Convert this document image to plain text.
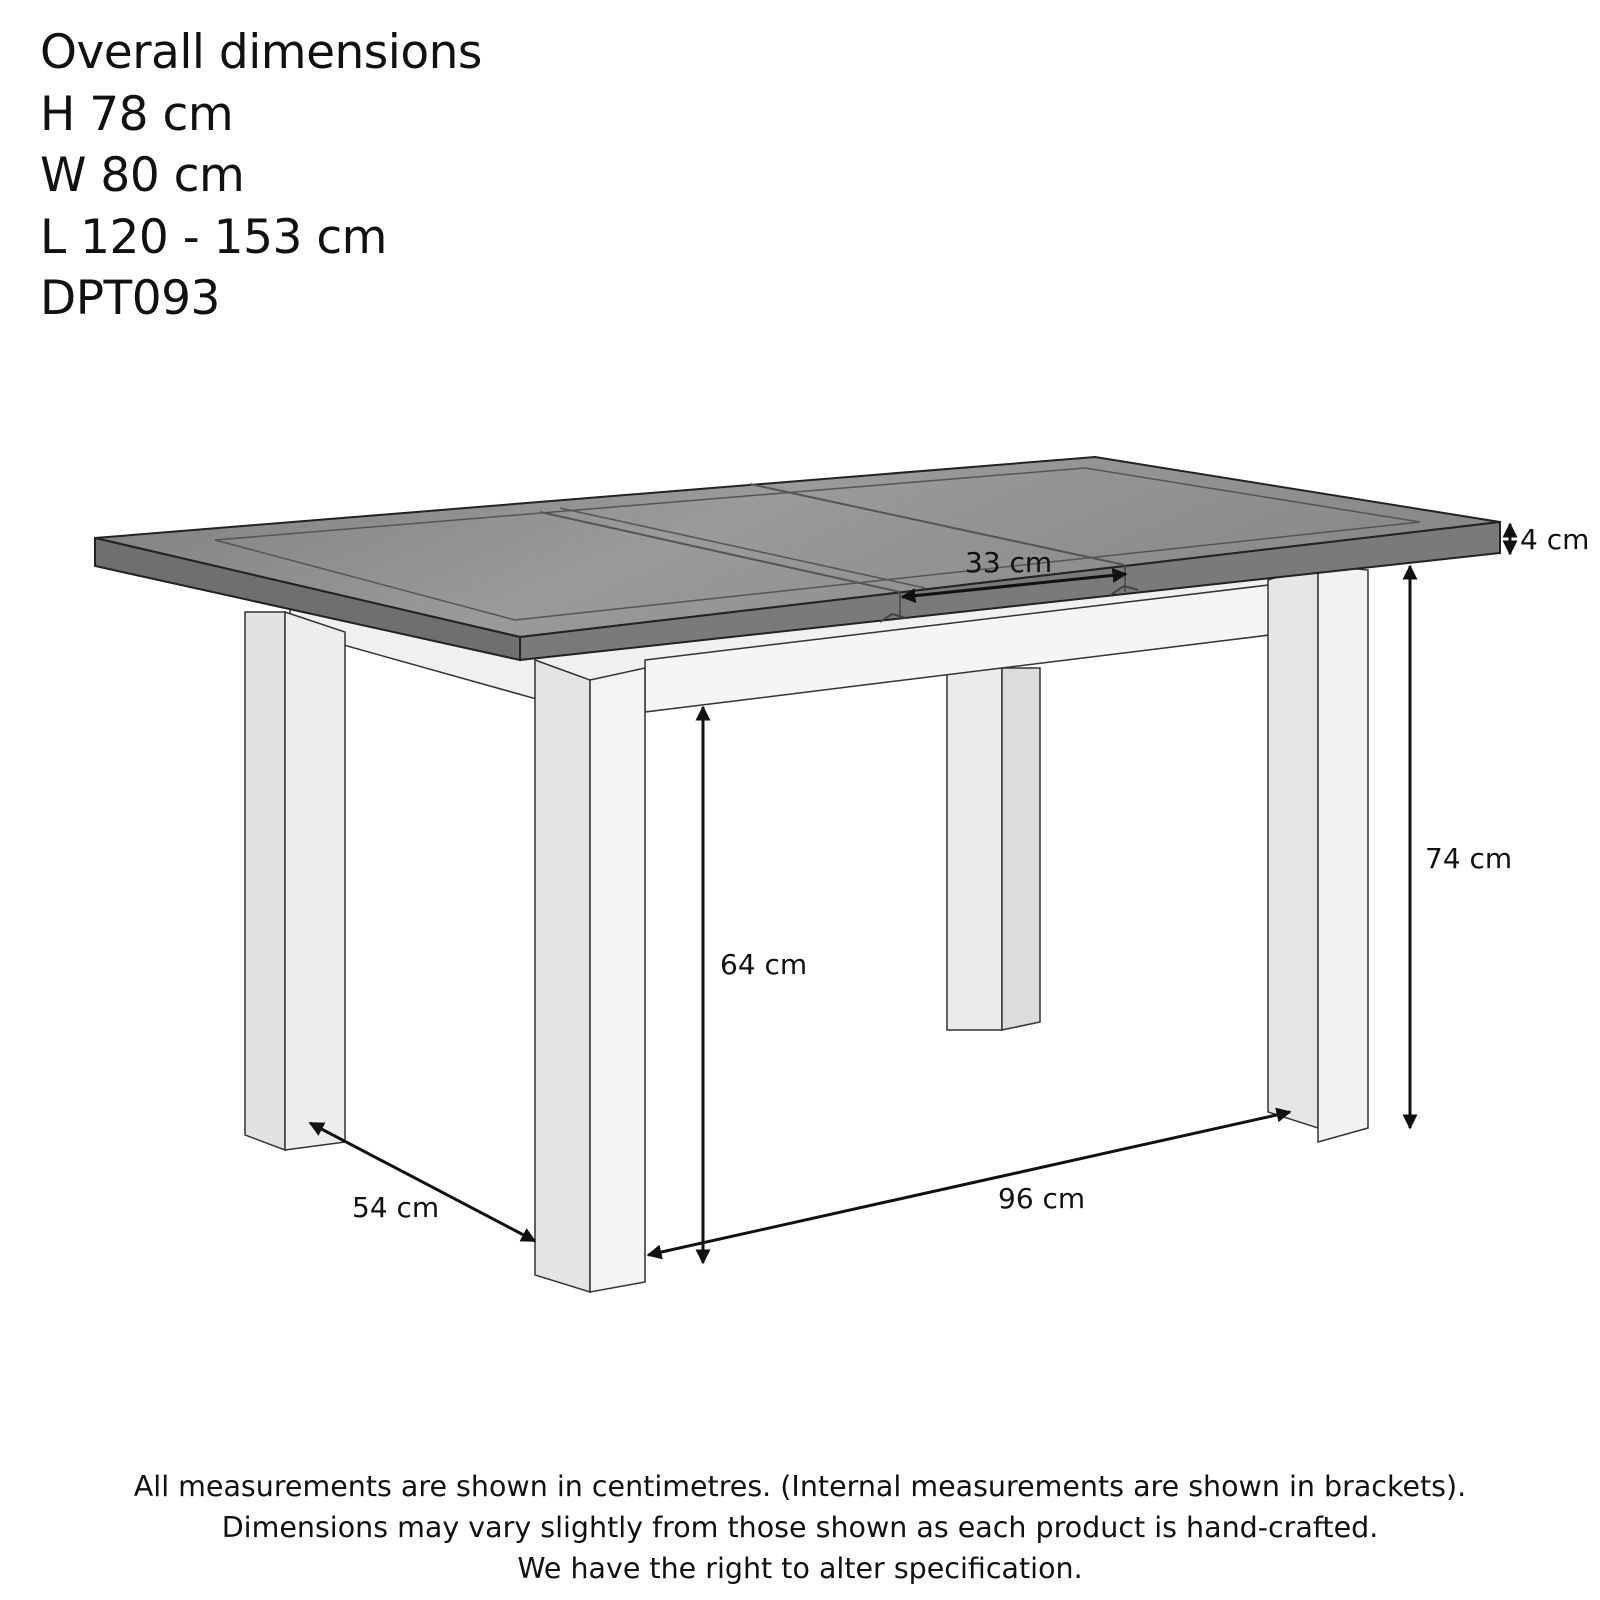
Overall dimensions
H 78 cm
W 80 cm
L 120 - 153 cm
DPT093
4 cm
33 cm
74 cm
64 cm
54 cm	96 cm
All measurements are shown in centimetres. (Internal measurements are shown in brackets).
Dimensions may vary slightly from those shown as each product is hand-crafted.
We have the right to alter specification.
